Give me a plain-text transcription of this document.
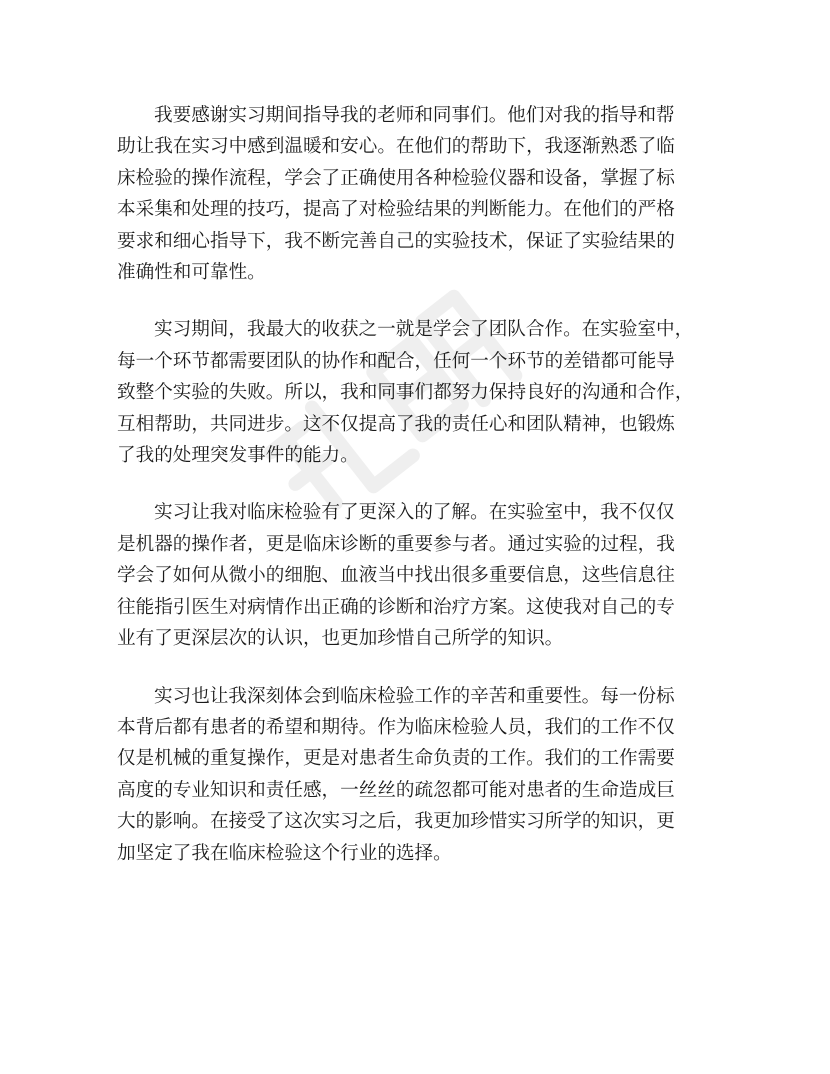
我要感谢实习期间指导我的老师和同事们。他们对我的指导和帮
助让我在实习中感到温暖和安心。在他们的帮助下，我逐渐熟悉了临
床检验的操作流程，学会了正确使用各种检验仪器和设备，掌握了标
本采集和处理的技巧，提高了对检验结果的判断能力。在他们的严格
要求和细心指导下，我不断完善自己的实验技术，保证了实验结果的
准确性和可靠性。
实习期间，我最大的收获之一就是学会了团队合作。在实验室中，
每一个环节都需要团队的协作和配合，任何一个环节的差错都可能导
致整个实验的失败。所以，我和同事们都努力保持良好的沟通和合作，
互相帮助，共同进步。这不仅提高了我的责任心和团队精神，也锻炼
了我的处理突发事件的能力。
实习让我对临床检验有了更深入的了解。在实验室中，我不仅仅
是机器的操作者，更是临床诊断的重要参与者。通过实验的过程，我
学会了如何从微小的细胞、血液当中找出很多重要信息，这些信息往
往能指引医生对病情作出正确的诊断和治疗方案。这使我对自己的专
业有了更深层次的认识，也更加珍惜自己所学的知识。
实习也让我深刻体会到临床检验工作的辛苦和重要性。每一份标
本背后都有患者的希望和期待。作为临床检验人员，我们的工作不仅
仅是机械的重复操作，更是对患者生命负责的工作。我们的工作需要
高度的专业知识和责任感，一丝丝的疏忽都可能对患者的生命造成巨
大的影响。在接受了这次实习之后，我更加珍惜实习所学的知识，更
加坚定了我在临床检验这个行业的选择。
